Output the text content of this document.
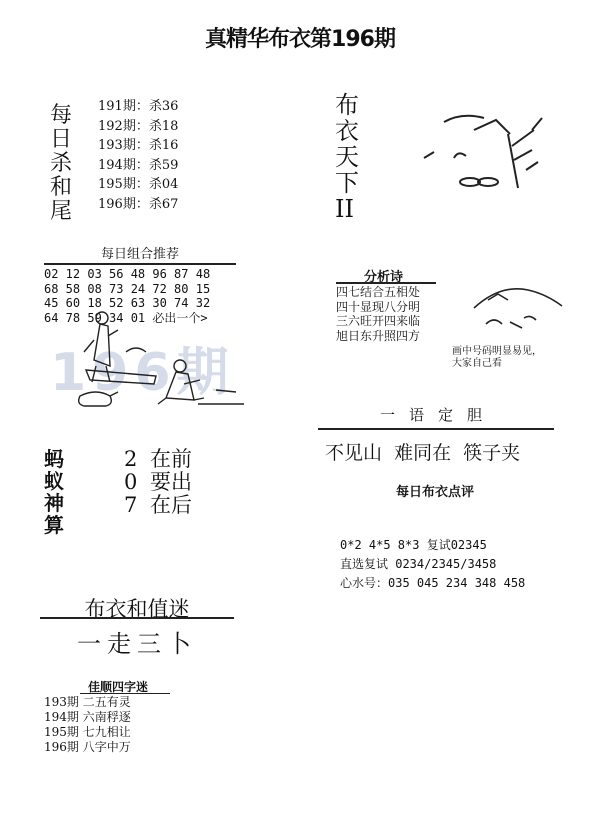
真精华布衣第196期
每日杀和尾
191期：杀36
192期：杀18
193期：杀16
194期：杀59
195期：杀04
196期：杀67
每日组合推荐
02 12 03 56 48 96 87 48
68 58 08 73 24 72 80 15
45 60 18 52 63 30 74 32
64 78 59 34 01 必出一个>
196期
蚂蚁神算
2 在前
0 要出
7 在后
布衣和值迷
一走三卜
佳顺四字迷
193期 二五有灵
194期 六南稃逐
195期 七九相让
196期 八字中万
布衣天下
II
分析诗
四七结合五相处
四十显现八分明
三六旺开四来临
旭日东升照四方
画中号码明显易见，
大家自己看
一语定胆
不见山  难同在  筷子夹
每日布衣点评
0*2 4*5 8*3 复试02345
直选复试 0234/2345/3458
心水号：035 045 234 348 458
